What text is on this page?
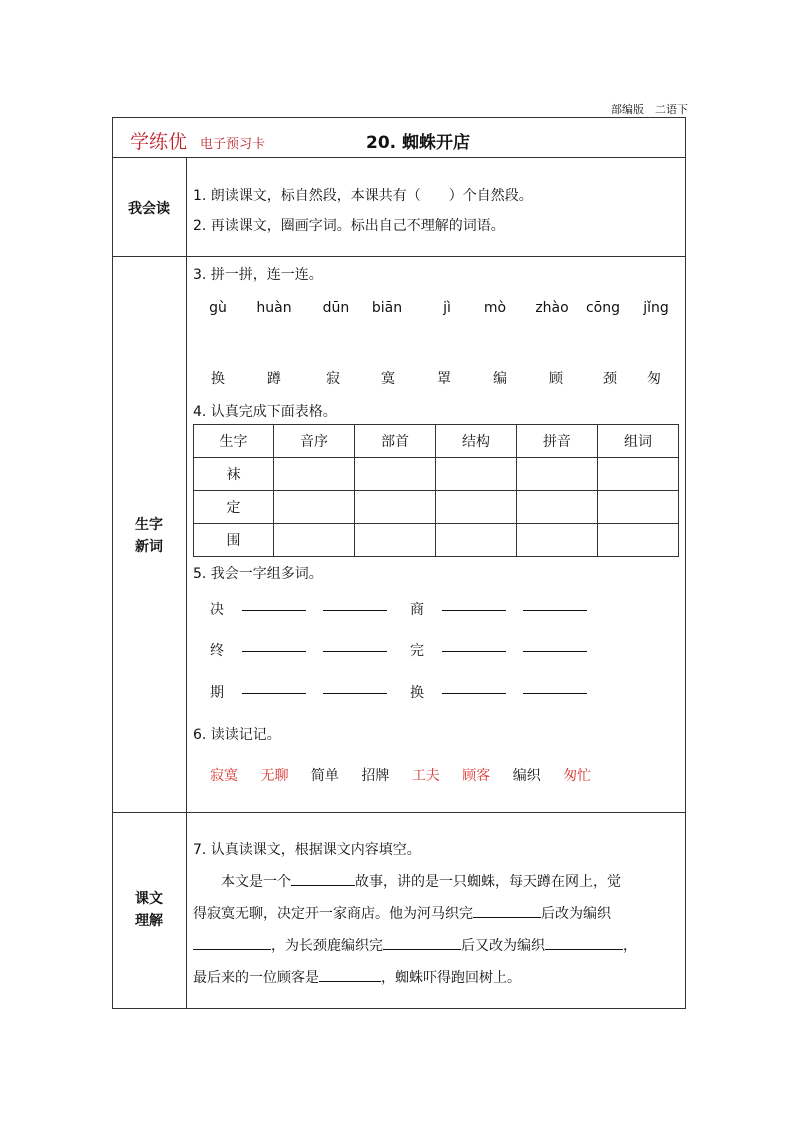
部编版　二语下
学练优 电子预习卡	20. 蜘蛛开店
我会读
生字
新词
课文
理解
1. 朗读课文，标自然段，本课共有（　　）个自然段。
2. 再读课文，圈画字词。标出自己不理解的词语。
3. 拼一拼，连一连。
gù	huàn	dūn	biān	jì	mò	zhào	cōng	jǐng
换	蹲	寂	寞	罩	编	顾	颈	匆
4. 认真完成下面表格。
生字	音序	部首	结构	拼音	组词
袜					
定					
围					
5. 我会一字组多词。
决	商
终	完
期	换
6. 读读记记。
寂寞 无聊 简单 招牌 工夫 顾客 编织 匆忙
7. 认真读课文，根据课文内容填空。
本文是一个	故事，讲的是一只蜘蛛，每天蹲在网上，觉
得寂寞无聊，决定开一家商店。他为河马织完	后改为编织
，为长颈鹿编织完	后又改为编织	，
最后来的一位顾客是	，蜘蛛吓得跑回树上。
